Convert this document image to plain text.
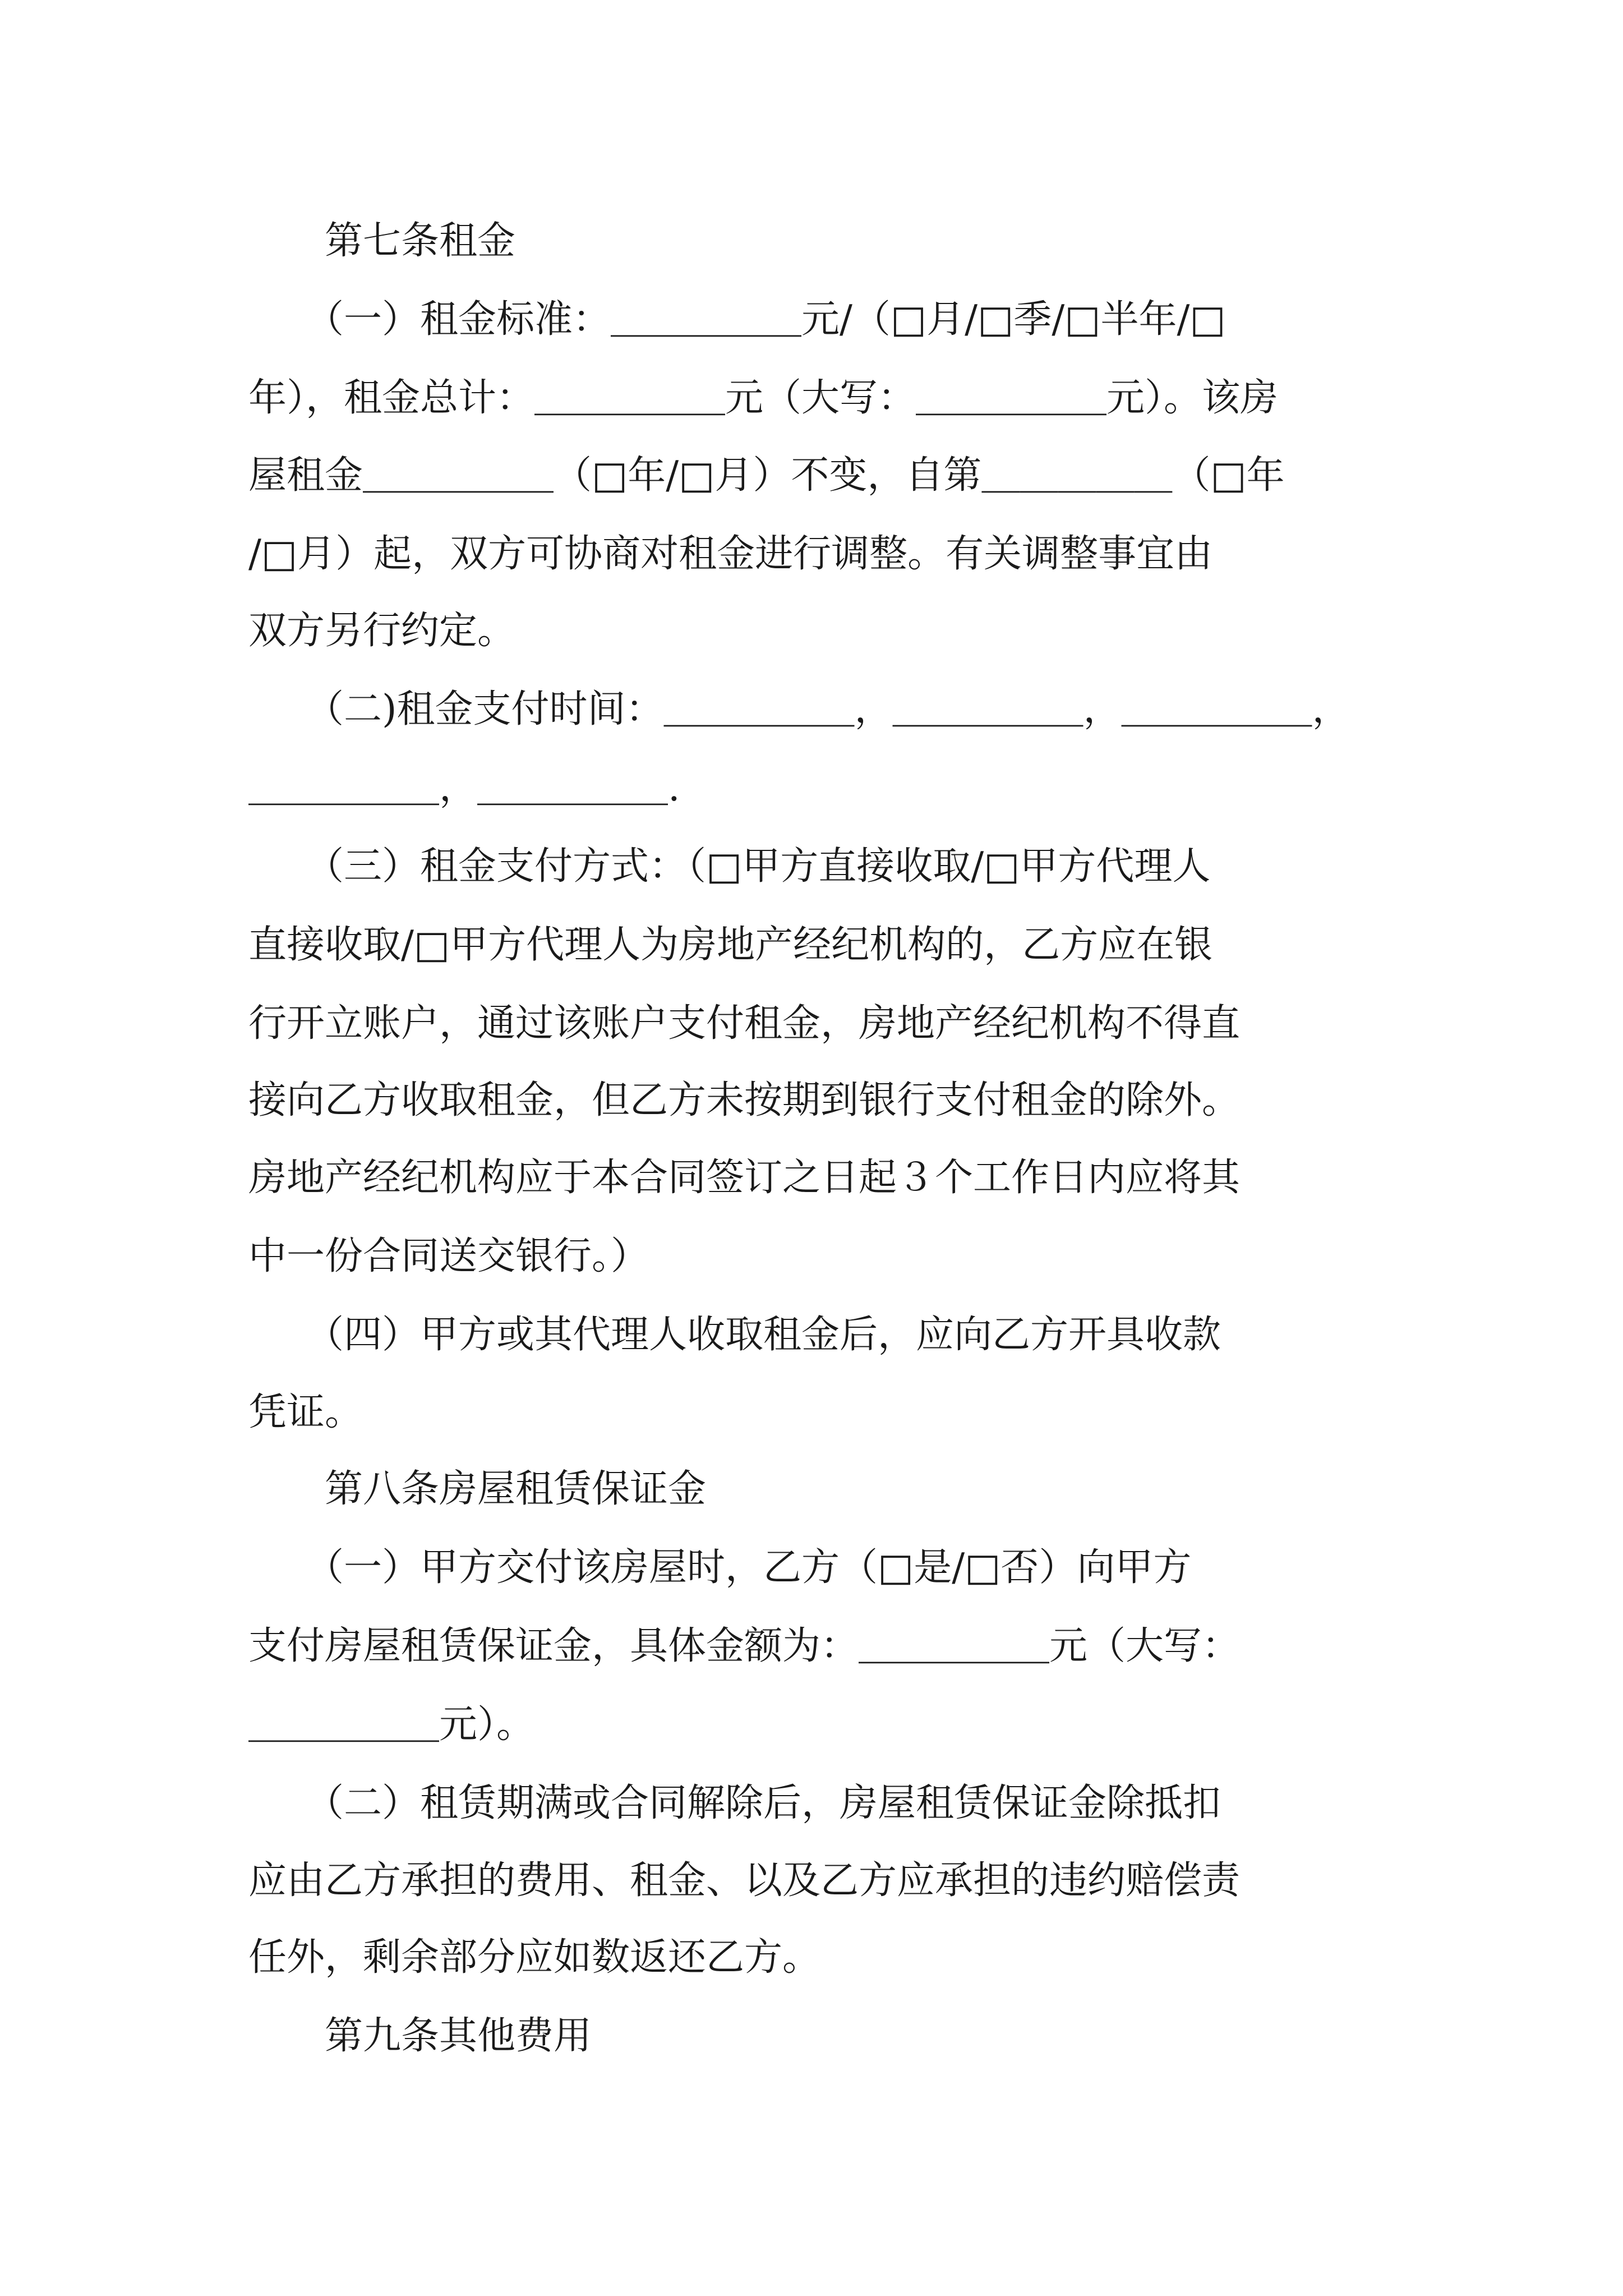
　　第七条租金
　　（一）租金标准：＿＿＿＿＿元/（□月/□季/□半年/□
年），租金总计：＿＿＿＿＿元（大写：＿＿＿＿＿元）。该房
屋租金＿＿＿＿＿（□年/□月）不变，自第＿＿＿＿＿（□年
/□月）起，双方可协商对租金进行调整。有关调整事宜由
双方另行约定。
　　（二)租金支付时间：＿＿＿＿＿，＿＿＿＿＿，＿＿＿＿＿，
＿＿＿＿＿，＿＿＿＿＿.
　　（三）租金支付方式：（□甲方直接收取/□甲方代理人
直接收取/□甲方代理人为房地产经纪机构的，乙方应在银
行开立账户，通过该账户支付租金，房地产经纪机构不得直
接向乙方收取租金，但乙方未按期到银行支付租金的除外。
房地产经纪机构应于本合同签订之日起３个工作日内应将其
中一份合同送交银行。）
　　（四）甲方或其代理人收取租金后，应向乙方开具收款
凭证。
　　第八条房屋租赁保证金
　　（一）甲方交付该房屋时，乙方（□是/□否）向甲方
支付房屋租赁保证金，具体金额为：＿＿＿＿＿元（大写：
＿＿＿＿＿元）。
　　（二）租赁期满或合同解除后，房屋租赁保证金除抵扣
应由乙方承担的费用、租金、以及乙方应承担的违约赔偿责
任外，剩余部分应如数返还乙方。
　　第九条其他费用
